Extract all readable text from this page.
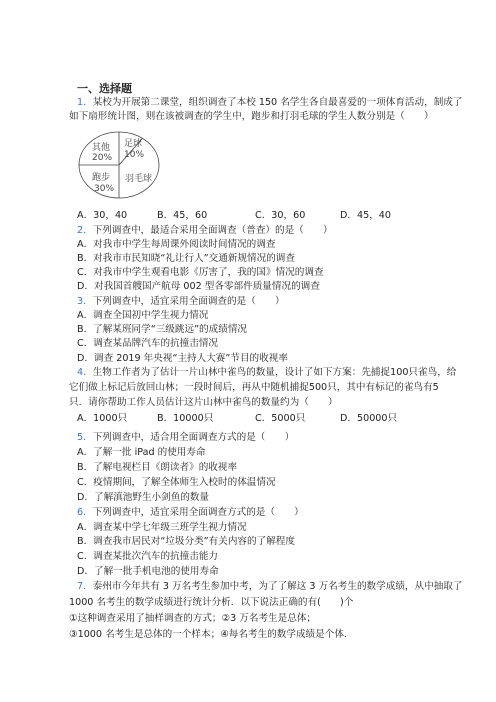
一、选择题
1．某校为开展第二课堂，组织调查了本校 150 名学生各自最喜爱的一项体育活动，制成了
如下扇形统计图，则在该被调查的学生中，跑步和打羽毛球的学生人数分别是（　　）
足球
10%
其他
20%
跑步
30%
羽毛球
A．30，40	B．45，60	C．30，60	D．45，40
2．下列调查中，最适合采用全面调查（普查）的是（　　）
A．对我市中学生每周课外阅读时间情况的调查
B．对我市市民知晓“礼让行人”交通新规情况的调查
C．对我市中学生观看电影《厉害了，我的国》情况的调查
D．对我国首艘国产航母 002 型各零部件质量情况的调查
3．下列调查中，适宜采用全面调查的是（　　）
A．调查全国初中学生视力情况
B．了解某班同学“三级跳远”的成绩情况
C．调查某品牌汽车的抗撞击情况
D．调查 2019 年央视“主持人大赛”节目的收视率
4．生物工作者为了估计一片山林中雀鸟的数量，设计了如下方案：先捕捉100只雀鸟，给
它们做上标记后放回山林；一段时间后，再从中随机捕捉500只，其中有标记的雀鸟有5
只．请你帮助工作人员估计这片山林中雀鸟的数量约为（　　）
A．1000只	B．10000只	C．5000只	D．50000只
5．下列调查中，适合用全面调查方式的是（　　）
A．了解一批 iPad 的使用寿命
B．了解电视栏目《朗读者》的收视率
C．疫情期间，了解全体师生入校时的体温情况
D．了解滇池野生小剑鱼的数量
6．下列调查中，适宜采用全面调查方式的是（　　）
A．调查某中学七年级三班学生视力情况
B．调查我市居民对“垃圾分类”有关内容的了解程度
C．调查某批次汽车的抗撞击能力
D．了解一批手机电池的使用寿命
7．泰州市今年共有 3 万名考生参加中考，为了了解这 3 万名考生的数学成绩，从中抽取了
1000 名考生的数学成绩进行统计分析．以下说法正确的有(　　)个
①这种调查采用了抽样调查的方式；②3 万名考生是总体；
③1000 名考生是总体的一个样本；④每名考生的数学成绩是个体.
